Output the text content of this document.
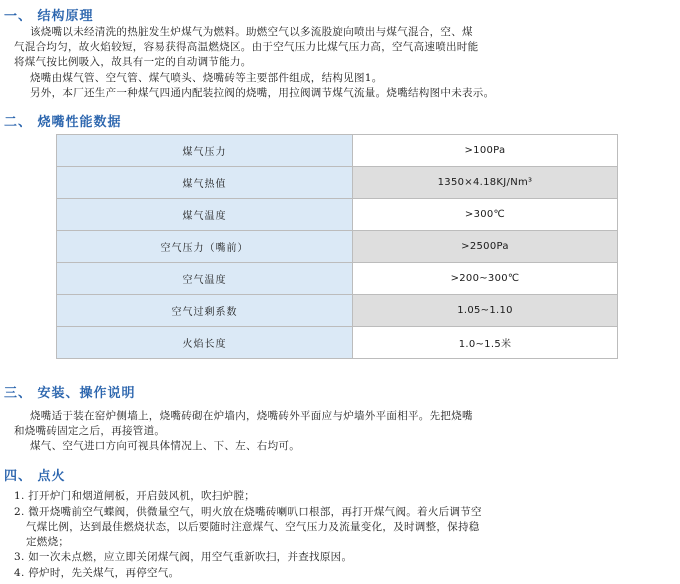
一、 结构原理
该烧嘴以未经清洗的热脏发生炉煤气为燃料。助燃空气以多流股旋向喷出与煤气混合，空、煤
气混合均匀，故火焰较短，容易获得高温燃烧区。由于空气压力比煤气压力高，空气高速喷出时能
将煤气按比例吸入，故具有一定的自动调节能力。
烧嘴由煤气管、空气管、煤气喷头、烧嘴砖等主要部件组成，结构见图1。
另外，本厂还生产一种煤气四通内配装拉阀的烧嘴，用拉阀调节煤气流量。烧嘴结构图中未表示。
二、 烧嘴性能数据
煤气压力	>100Pa
煤气热值	1350×4.18KJ/Nm³
煤气温度	>300℃
空气压力（嘴前）	>2500Pa
空气温度	>200~300℃
空气过剩系数	1.05~1.10
火焰长度	1.0~1.5米
三、 安装、操作说明
烧嘴适于装在窑炉侧墙上，烧嘴砖砌在炉墙内，烧嘴砖外平面应与炉墙外平面相平。先把烧嘴
和烧嘴砖固定之后，再接管道。
煤气、空气进口方向可视具体情况上、下、左、右均可。
四、 点火
1. 打开炉门和烟道闸板，开启鼓风机，吹扫炉膛；
2. 微开烧嘴前空气蝶阀，供微量空气，明火放在烧嘴砖喇叭口根部，再打开煤气阀。着火后调节空
气煤比例，达到最佳燃烧状态，以后要随时注意煤气、空气压力及流量变化，及时调整，保持稳
定燃烧；
3. 如一次未点燃，应立即关闭煤气阀，用空气重新吹扫，并查找原因。
4. 停炉时，先关煤气，再停空气。
